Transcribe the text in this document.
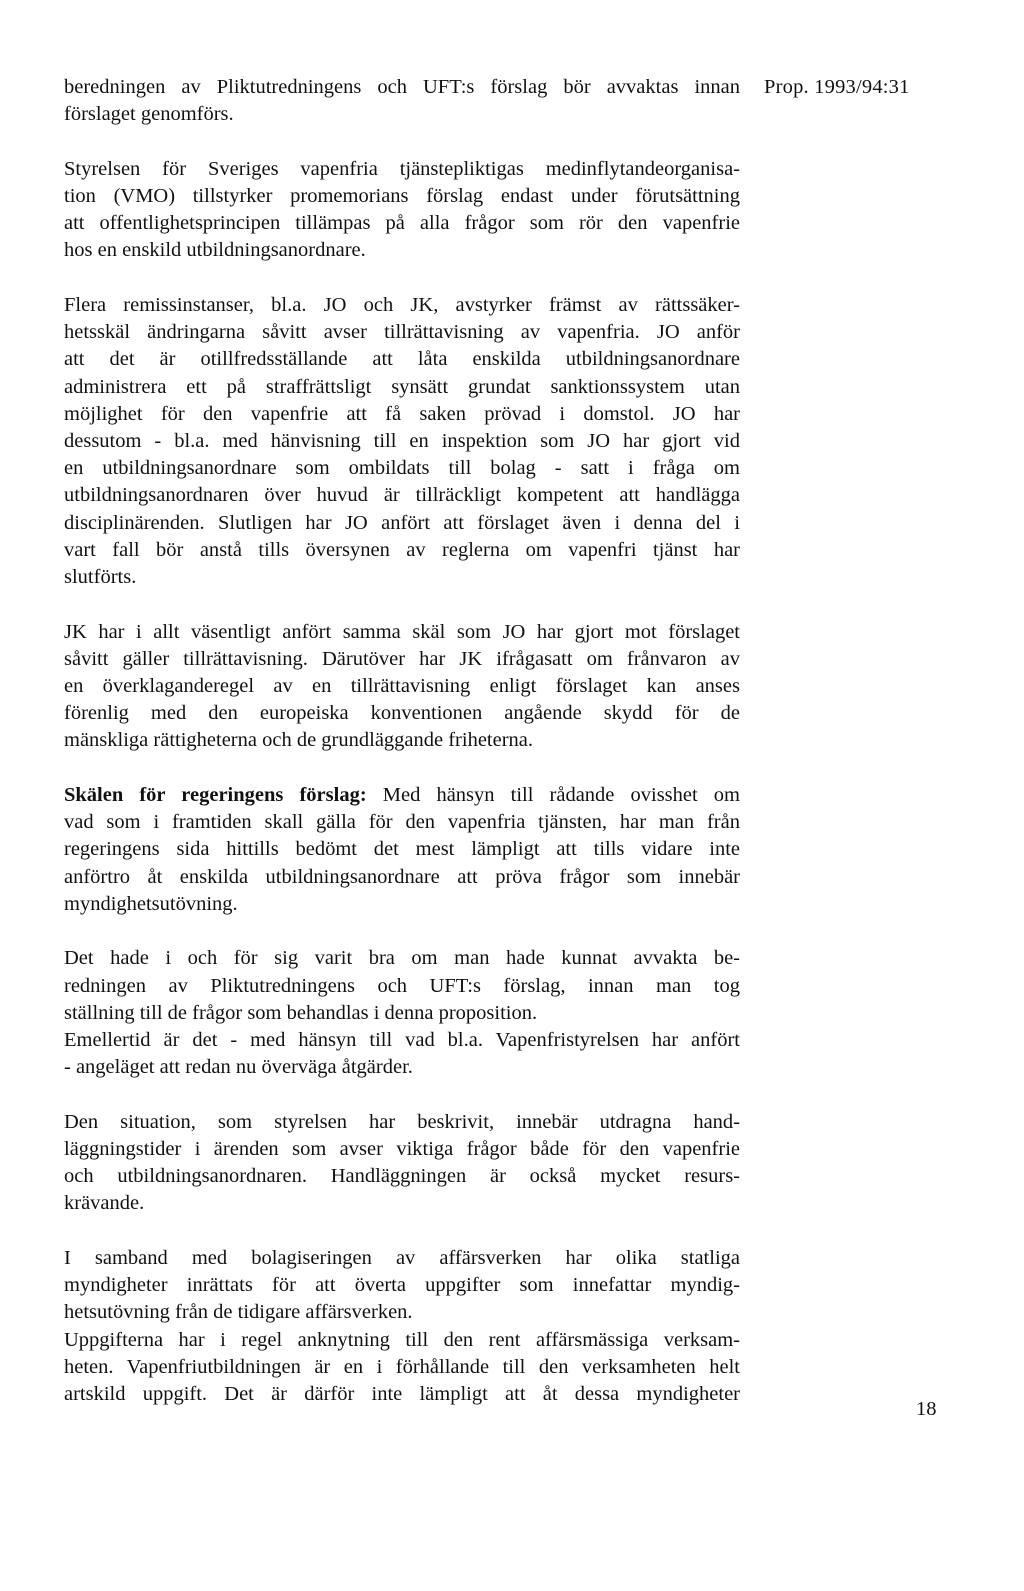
Prop. 1993/94:31
beredningen av Pliktutredningens och UFT:s förslag bör avvaktas innan
förslaget genomförs.
Styrelsen för Sveriges vapenfria tjänstepliktigas medinflytandeorganisa-
tion (VMO) tillstyrker promemorians förslag endast under förutsättning
att offentlighetsprincipen tillämpas på alla frågor som rör den vapenfrie
hos en enskild utbildningsanordnare.
Flera remissinstanser, bl.a. JO och JK, avstyrker främst av rättssäker-
hetsskäl ändringarna såvitt avser tillrättavisning av vapenfria. JO anför
att det är otillfredsställande att låta enskilda utbildningsanordnare
administrera ett på straffrättsligt synsätt grundat sanktionssystem utan
möjlighet för den vapenfrie att få saken prövad i domstol. JO har
dessutom - bl.a. med hänvisning till en inspektion som JO har gjort vid
en utbildningsanordnare som ombildats till bolag - satt i fråga om
utbildningsanordnaren över huvud är tillräckligt kompetent att handlägga
disciplinärenden. Slutligen har JO anfört att förslaget även i denna del i
vart fall bör anstå tills översynen av reglerna om vapenfri tjänst har
slutförts.
JK har i allt väsentligt anfört samma skäl som JO har gjort mot förslaget
såvitt gäller tillrättavisning. Därutöver har JK ifrågasatt om frånvaron av
en överklaganderegel av en tillrättavisning enligt förslaget kan anses
förenlig med den europeiska konventionen angående skydd för de
mänskliga rättigheterna och de grundläggande friheterna.
Skälen för regeringens förslag: Med hänsyn till rådande ovisshet om
vad som i framtiden skall gälla för den vapenfria tjänsten, har man från
regeringens sida hittills bedömt det mest lämpligt att tills vidare inte
anförtro åt enskilda utbildningsanordnare att pröva frågor som innebär
myndighetsutövning.
Det hade i och för sig varit bra om man hade kunnat avvakta be-
redningen av Pliktutredningens och UFT:s förslag, innan man tog
ställning till de frågor som behandlas i denna proposition.
Emellertid är det - med hänsyn till vad bl.a. Vapenfristyrelsen har anfört
- angeläget att redan nu överväga åtgärder.
Den situation, som styrelsen har beskrivit, innebär utdragna hand-
läggningstider i ärenden som avser viktiga frågor både för den vapenfrie
och utbildningsanordnaren. Handläggningen är också mycket resurs-
krävande.
I samband med bolagiseringen av affärsverken har olika statliga
myndigheter inrättats för att överta uppgifter som innefattar myndig-
hetsutövning från de tidigare affärsverken.
Uppgifterna har i regel anknytning till den rent affärsmässiga verksam-
heten. Vapenfriutbildningen är en i förhållande till den verksamheten helt
artskild uppgift. Det är därför inte lämpligt att åt dessa myndigheter
18
